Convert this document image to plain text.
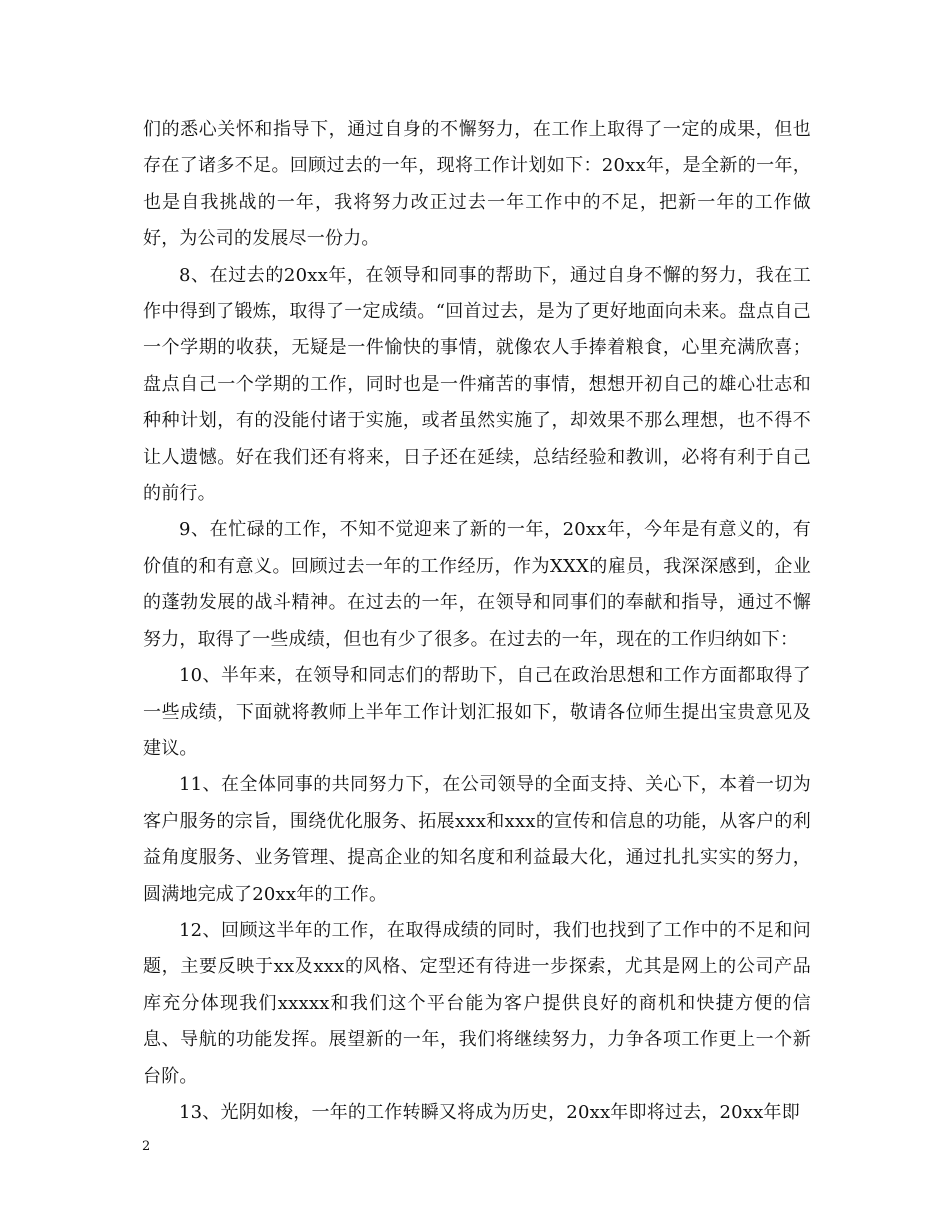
们的悉心关怀和指导下，通过自身的不懈努力，在工作上取得了一定的成果，但也存在了诸多不足。回顾过去的一年，现将工作计划如下：20xx年，是全新的一年，也是自我挑战的一年，我将努力改正过去一年工作中的不足，把新一年的工作做好，为公司的发展尽一份力。

8、在过去的20xx年，在领导和同事的帮助下，通过自身不懈的努力，我在工作中得到了锻炼，取得了一定成绩。“回首过去，是为了更好地面向未来。盘点自己一个学期的收获，无疑是一件愉快的事情，就像农人手捧着粮食，心里充满欣喜；盘点自己一个学期的工作，同时也是一件痛苦的事情，想想开初自己的雄心壮志和种种计划，有的没能付诸于实施，或者虽然实施了，却效果不那么理想，也不得不让人遗憾。好在我们还有将来，日子还在延续，总结经验和教训，必将有利于自己的前行。

9、在忙碌的工作，不知不觉迎来了新的一年，20xx年，今年是有意义的，有价值的和有意义。回顾过去一年的工作经历，作为XXX的雇员，我深深感到，企业的蓬勃发展的战斗精神。在过去的一年，在领导和同事们的奉献和指导，通过不懈努力，取得了一些成绩，但也有少了很多。在过去的一年，现在的工作归纳如下：

10、半年来，在领导和同志们的帮助下，自己在政治思想和工作方面都取得了一些成绩，下面就将教师上半年工作计划汇报如下，敬请各位师生提出宝贵意见及建议。

11、在全体同事的共同努力下，在公司领导的全面支持、关心下，本着一切为客户服务的宗旨，围绕优化服务、拓展xxx和xxx的宣传和信息的功能，从客户的利益角度服务、业务管理、提高企业的知名度和利益最大化，通过扎扎实实的努力，圆满地完成了20xx年的工作。

12、回顾这半年的工作，在取得成绩的同时，我们也找到了工作中的不足和问题，主要反映于xx及xxx的风格、定型还有待进一步探索，尤其是网上的公司产品库充分体现我们xxxxx和我们这个平台能为客户提供良好的商机和快捷方便的信息、导航的功能发挥。展望新的一年，我们将继续努力，力争各项工作更上一个新台阶。

13、光阴如梭，一年的工作转瞬又将成为历史，20xx年即将过去，20xx年即

2
